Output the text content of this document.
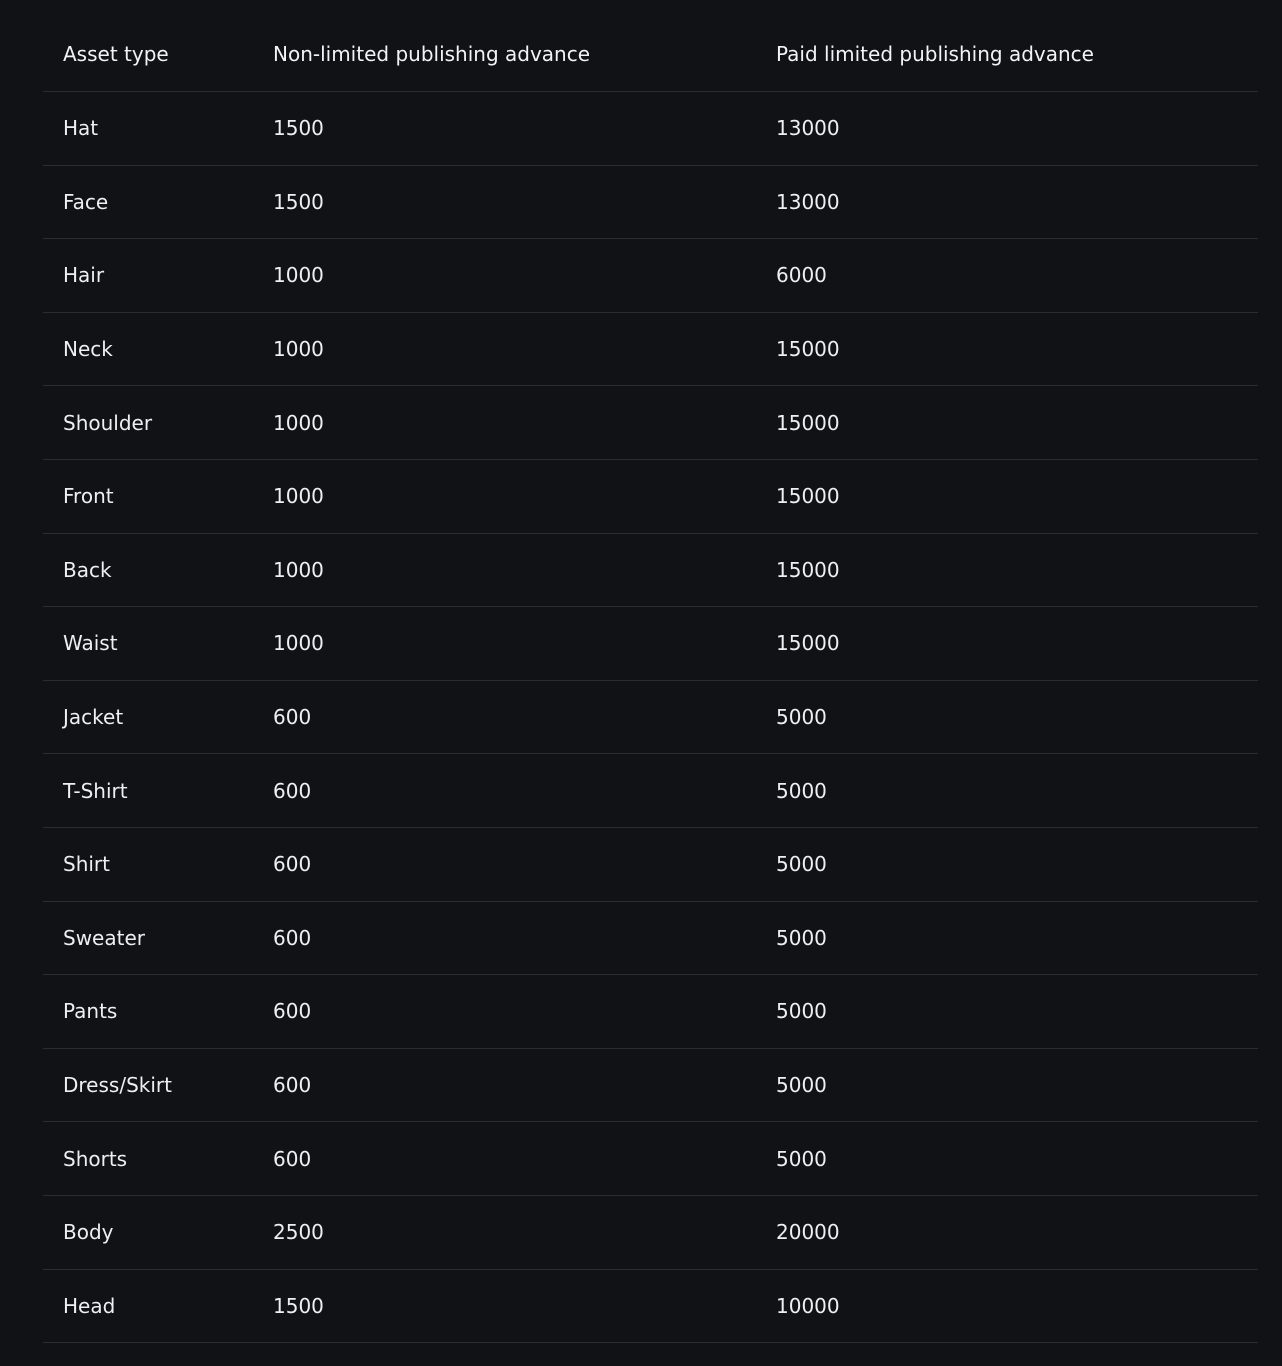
Asset type	Non-limited publishing advance	Paid limited publishing advance
Hat	1500	13000
Face	1500	13000
Hair	1000	6000
Neck	1000	15000
Shoulder	1000	15000
Front	1000	15000
Back	1000	15000
Waist	1000	15000
Jacket	600	5000
T-Shirt	600	5000
Shirt	600	5000
Sweater	600	5000
Pants	600	5000
Dress/Skirt	600	5000
Shorts	600	5000
Body	2500	20000
Head	1500	10000
